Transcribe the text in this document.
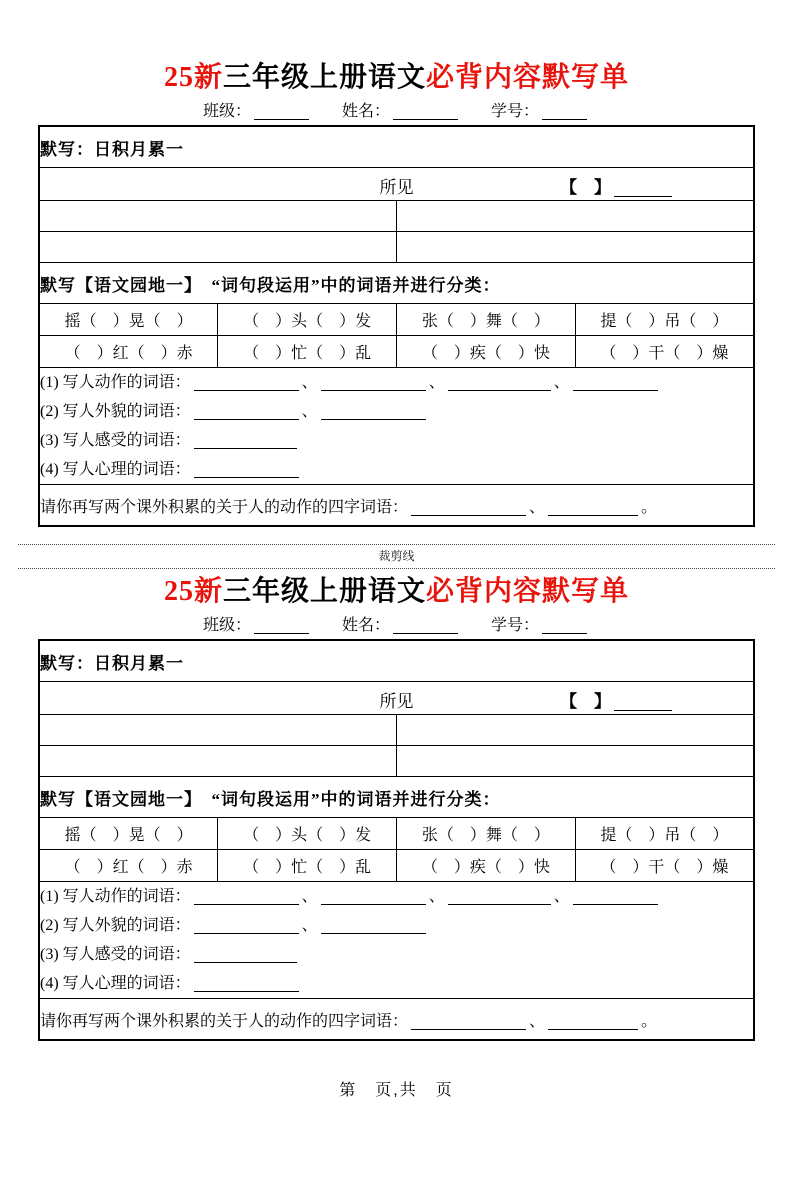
25新三年级上册语文必背内容默写单
班级：	姓名：	学号：
默写：日积月累一			

所见 【　】			

默写【语文园地一】　“词句段运用”中的词语并进行分类：			
摇（　）晃（　）	（　）头（　）发	张（　）舞（　）	提（　）吊（　）
（　）红（　）赤	（　）忙（　）乱	（　）疾（　）快	（　）干（　）燥

(1) 写人动作的词语： 、 、 、
(2) 写人外貌的词语： 、
(3) 写人感受的词语：
(4) 写人心理的词语：			

请你再写两个课外积累的关于人的动作的四字词语： 、 。			
裁剪线
25新三年级上册语文必背内容默写单
班级：	姓名：	学号：
默写：日积月累一			

所见 【　】			

默写【语文园地一】　“词句段运用”中的词语并进行分类：			
摇（　）晃（　）	（　）头（　）发	张（　）舞（　）	提（　）吊（　）
（　）红（　）赤	（　）忙（　）乱	（　）疾（　）快	（　）干（　）燥

(1) 写人动作的词语： 、 、 、
(2) 写人外貌的词语： 、
(3) 写人感受的词语：
(4) 写人心理的词语：			

请你再写两个课外积累的关于人的动作的四字词语： 、 。			
第　页,共　页
